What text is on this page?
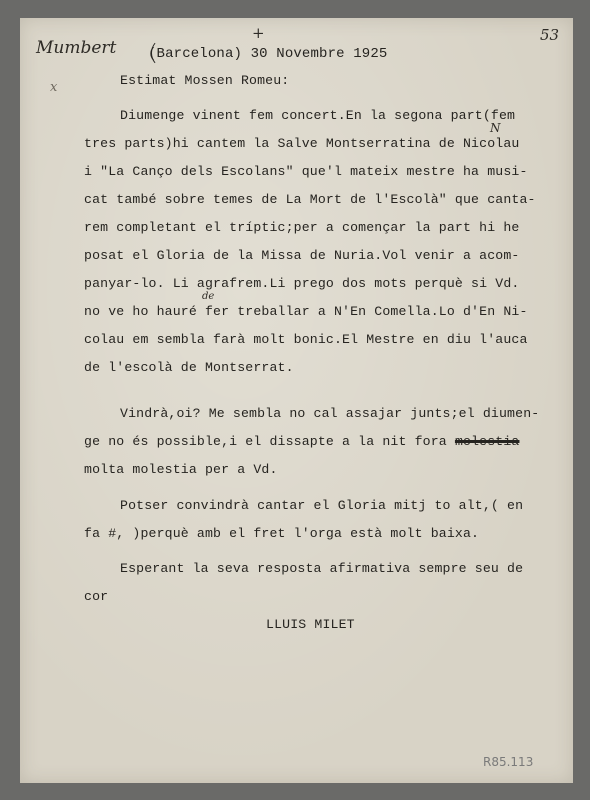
Mumbert
53
x
+
(Barcelona) 30 Novembre 1925
Estimat Mossen Romeu:
Diumenge vinent fem concert.En la segona part(fem
tres parts)hi cantem la Salve Montserratina de Nicolau
i "La Canço dels Escolans" que'l mateix mestre ha musi-
cat també sobre temes de La Mort de l'Escolà" que canta-
rem completant el tríptic;per a començar la part hi he
posat el Gloria de la Missa de Nuria.Vol venir a acom-
panyar-lo. Li agrafrem.Li prego dos mots perquè si Vd.
no ve ho hauré fer treballar a N'En Comella.Lo d'En Ni-
colau em sembla farà molt bonic.El Mestre en diu l'auca
de l'escolà de Montserrat.
N
de
Vindrà,oi? Me sembla no cal assajar junts;el diumen-
ge no és possible,i el dissapte a la nit fora molestia
molta molestia per a Vd.
Potser convindrà cantar el Gloria mitj to alt,( en
fa #, )perquè amb el fret l'orga està molt baixa.
Esperant la seva resposta afirmativa sempre seu de
cor
LLUIS MILET
R85.113
